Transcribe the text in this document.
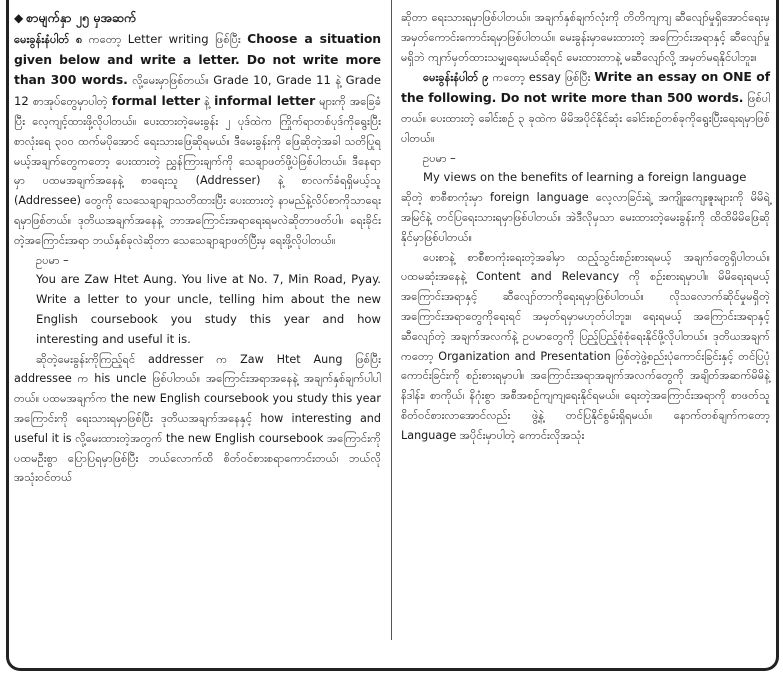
◆ စာမျက်နှာ ၂၅ မှအဆက်

မေးခွန်းနံပါတ် ၈ ကတော့ Letter writing ဖြစ်ပြီး Choose a situation given below and write a letter. Do not write more than 300 words. လို့မေးမှာဖြစ်တယ်။ Grade 10, Grade 11 နဲ့ Grade 12 စာအုပ်တွေမှာပါတဲ့ formal letter နဲ့ informal letter များကို အခြေခံပြီး လေ့ကျင့်ထားဖို့လိုပါတယ်။ ပေးထားတဲ့မေးခွန်း ၂ ပုဒ်ထဲက ကြိုက်ရာတစ်ပုဒ်ကိုရွေးပြီး စာလုံးရေ ၃၀၀ ထက်မပိုအောင် ရေးသားဖြေဆိုရမယ်။ ဒီမေးခွန်းကို ဖြေဆိုတဲ့အခါ သတိပြုရမယ့်အချက်တွေကတော့ ပေးထားတဲ့ ညွှန်ကြားချက်ကို သေချာဖတ်ဖို့ပဲဖြစ်ပါတယ်။ ဒီနေရာမှာ ပထမအချက်အနေနဲ့ စာရေးသူ (Addresser) နဲ့ စာလက်ခံရရှိမယ့်သူ (Addressee) တွေကို သေသေချာချာသတိထားပြီး ပေးထားတဲ့ နာမည်နဲ့လိပ်စာကိုသာရေးရမှာဖြစ်တယ်။ ဒုတိယအချက်အနေနဲ့ ဘာအကြောင်းအရာရေးရမလဲဆိုတာဖတ်ပါ။ ရေးခိုင်းတဲ့အကြောင်းအရာ ဘယ်နှစ်ခုလဲဆိုတာ သေသေချာချာဖတ်ပြီးမှ ရေးဖို့လိုပါတယ်။

ဥပမာ –

You are Zaw Htet Aung. You live at No. 7, Min Road, Pyay. Write a letter to your uncle, telling him about the new English coursebook you study this year and how interesting and useful it is.

ဆိုတဲ့မေးခွန်းကိုကြည့်ရင် addresser က Zaw Htet Aung ဖြစ်ပြီး addressee က his uncle ဖြစ်ပါတယ်။ အကြောင်းအရာအနေနဲ့ အချက်နှစ်ချက်ပါပါတယ်။ ပထမအချက်က the new English coursebook you study this year အကြောင်းကို ရေးသားရမှာဖြစ်ပြီး ဒုတိယအချက်အနေနှင့် how interesting and useful it is လို့မေးထားတဲ့အတွက် the new English coursebook အကြောင်းကို ပထမဦးစွာ ပြောပြရမှာဖြစ်ပြီး ဘယ်လောက်ထိ စိတ်ဝင်စားစရာကောင်းတယ်၊ ဘယ်လိုအသုံးဝင်တယ်

ဆိုတာ ရေးသားရမှာဖြစ်ပါတယ်။ အချက်နှစ်ချက်လုံးကို တိတိကျကျ ဆီလျော်မှုရှိအောင်ရေးမှ အမှတ်ကောင်းကောင်းရမှာဖြစ်ပါတယ်။ မေးခွန်းမှာမေးထားတဲ့ အကြောင်းအရာနှင့် ဆီလျော်မှုမရှိဘဲ ကျက်မှတ်ထားသမျှရေးမယ်ဆိုရင် မေးထားတာနဲ့ မဆီလျော်လို့ အမှတ်မရနိုင်ပါဘူး။

မေးခွန်းနံပါတ် ၉ ကတော့ essay ဖြစ်ပြီး Write an essay on ONE of the following. Do not write more than 500 words. ဖြစ်ပါတယ်။ ပေးထားတဲ့ ခေါင်းစဉ် ၃ ခုထဲက မိမိအပိုင်နိုင်ဆုံး ခေါင်းစဉ်တစ်ခုကိုရွေးပြီးရေးရမှာဖြစ်ပါတယ်။

ဥပမာ –

My views on the benefits of learning a foreign language

ဆိုတဲ့ စာစီစာကုံးမှာ foreign language လေ့လာခြင်းရဲ့ အကျိုးကျေးဇူးများကို မိမိရဲ့အမြင်နဲ့ တင်ပြရေးသားရမှာဖြစ်ပါတယ်။ အဲဒီလိုမှသာ မေးထားတဲ့မေးခွန်းကို ထိထိမိမိဖြေဆိုနိုင်မှာဖြစ်ပါတယ်။

ပေးစာနဲ့ စာစီစာကုံးရေးတဲ့အခါမှာ ထည့်သွင်းစဉ်းစားရမယ့် အချက်တွေရှိပါတယ်။ ပထမဆုံးအနေနဲ့ Content and Relevancy ကို စဉ်းစားရမှာပါ။ မိမိရေးရမယ့်အကြောင်းအရာနှင့် ဆီလျော်တာကိုရေးရမှာဖြစ်ပါတယ်။ လိုသလောက်ဆိုင်မှုမရှိတဲ့ အကြောင်းအရာတွေကိုရေးရင် အမှတ်ရမှာမဟုတ်ပါဘူး။ ရေးရမယ့် အကြောင်းအရာနှင့်ဆီလျော်တဲ့ အချက်အလက်နဲ့ ဥပမာတွေကို ပြည့်ပြည့်စုံစုံရေးနိုင်ဖို့လိုပါတယ်။ ဒုတိယအချက်ကတော့ Organization and Presentation ဖြစ်တဲ့ဖွဲ့စည်းပုံကောင်းခြင်းနှင့် တင်ပြပုံကောင်းခြင်းကို စဉ်းစားရမှာပါ။ အကြောင်းအရာအချက်အလက်တွေကို အချိတ်အဆက်မိမိနဲ့ နိဒါန်း၊ စာကိုယ်၊ နိဂုံးစွာ အစီအစဉ်ကျကျရေးနိုင်ရမယ်။ ရေးတဲ့အကြောင်းအရာကို စာဖတ်သူစိတ်ဝင်စားလာအောင်လည်း ဖွဲ့နဲ့ တင်ပြနိုင်စွမ်းရှိရမယ်။ နောက်တစ်ချက်ကတော့ Language အပိုင်းမှာပါတဲ့ ကောင်းလိုအသုံး
